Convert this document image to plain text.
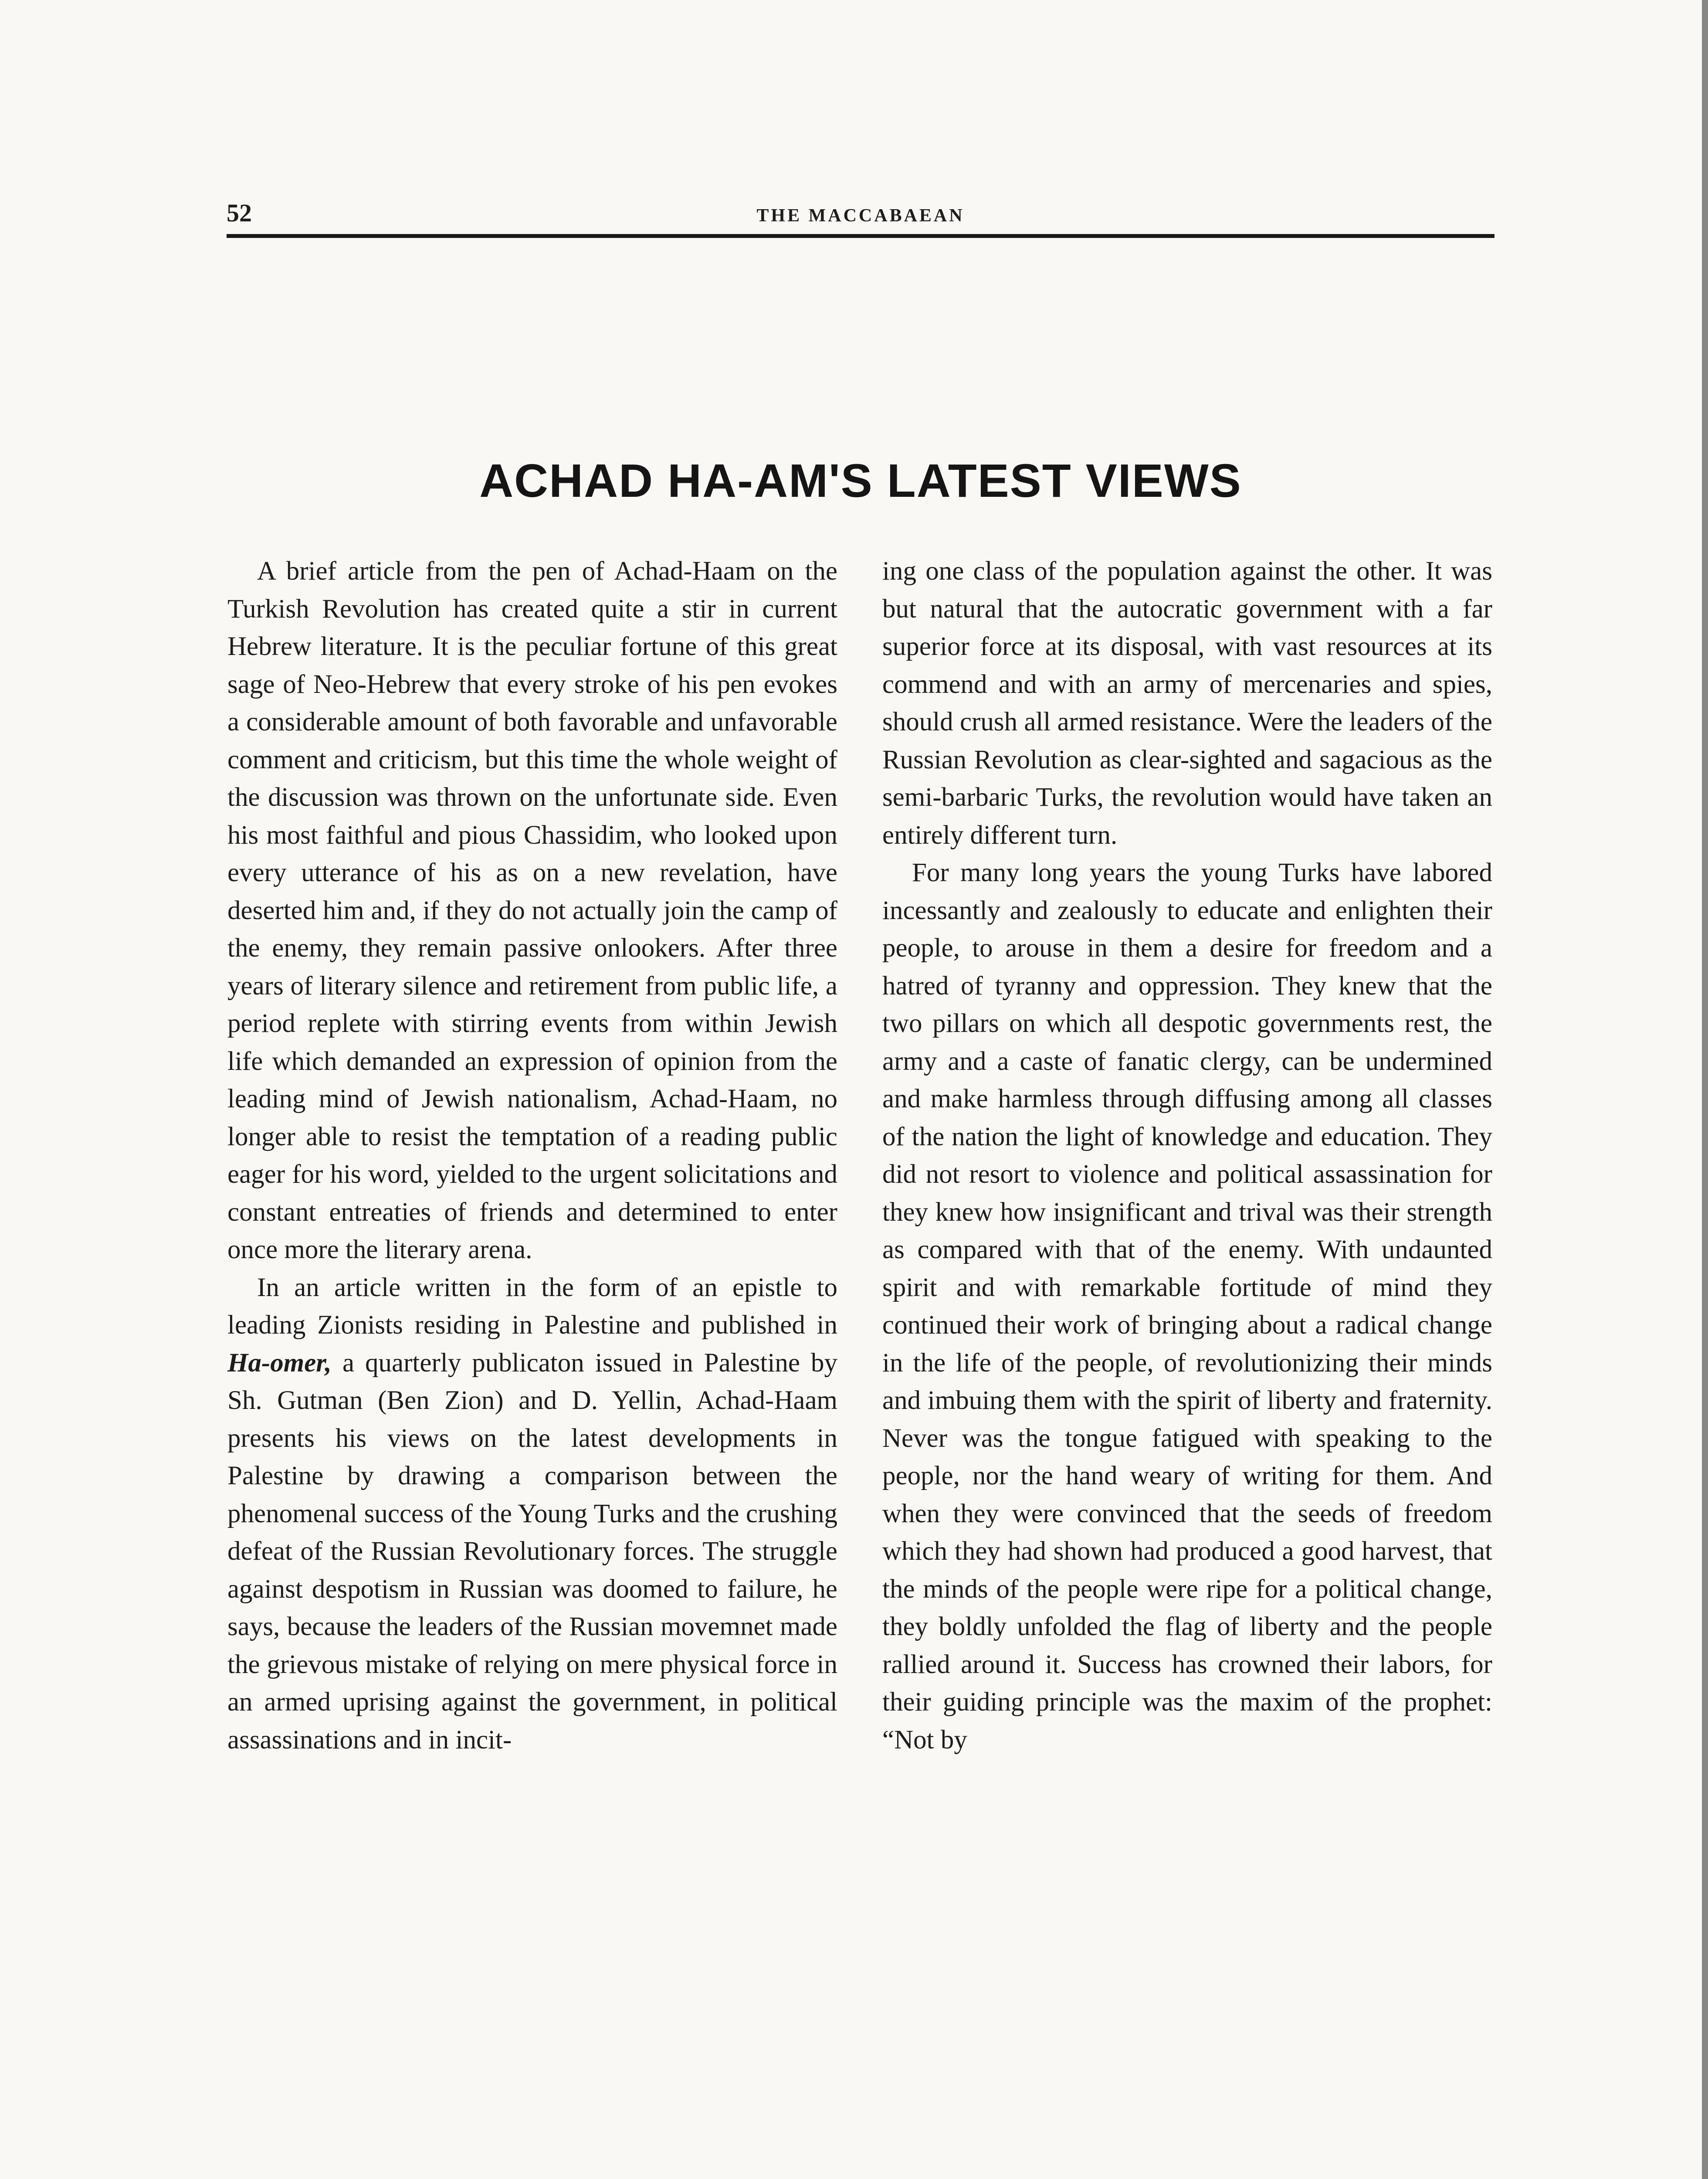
52	THE MACCABAEAN
ACHAD HA-AM'S LATEST VIEWS

A brief article from the pen of Achad-Haam on the Turkish Revolution has created quite a stir in current Hebrew literature. It is the peculiar fortune of this great sage of Neo-Hebrew that every stroke of his pen evokes a considerable amount of both favorable and unfavorable comment and criticism, but this time the whole weight of the discussion was thrown on the unfortunate side. Even his most faithful and pious Chassidim, who looked upon every utterance of his as on a new revelation, have deserted him and, if they do not actually join the camp of the enemy, they remain passive onlookers. After three years of literary silence and retirement from public life, a period replete with stirring events from within Jewish life which demanded an expression of opinion from the leading mind of Jewish nationalism, Achad-Haam, no longer able to resist the temptation of a reading public eager for his word, yielded to the urgent solicitations and constant entreaties of friends and determined to enter once more the literary arena.

In an article written in the form of an epistle to leading Zionists residing in Palestine and published in Ha-omer, a quarterly publicaton issued in Palestine by Sh. Gutman (Ben Zion) and D. Yellin, Achad-Haam presents his views on the latest developments in Palestine by drawing a comparison between the phenomenal success of the Young Turks and the crushing defeat of the Russian Revolutionary forces. The struggle against despotism in Russian was doomed to failure, he says, because the leaders of the Russian movemnet made the grievous mistake of relying on mere physical force in an armed uprising against the government, in political assassinations and in incit-

ing one class of the population against the other. It was but natural that the autocratic government with a far superior force at its disposal, with vast resources at its commend and with an army of mercenaries and spies, should crush all armed resistance. Were the leaders of the Russian Revolution as clear-sighted and sagacious as the semi-barbaric Turks, the revolution would have taken an entirely different turn.

For many long years the young Turks have labored incessantly and zealously to educate and enlighten their people, to arouse in them a desire for freedom and a hatred of tyranny and oppression. They knew that the two pillars on which all despotic governments rest, the army and a caste of fanatic clergy, can be undermined and make harmless through diffusing among all classes of the nation the light of knowledge and education. They did not resort to violence and political assassination for they knew how insignificant and trival was their strength as compared with that of the enemy. With undaunted spirit and with remarkable fortitude of mind they continued their work of bringing about a radical change in the life of the people, of revolutionizing their minds and imbuing them with the spirit of liberty and fraternity. Never was the tongue fatigued with speaking to the people, nor the hand weary of writing for them. And when they were convinced that the seeds of freedom which they had shown had produced a good harvest, that the minds of the people were ripe for a political change, they boldly unfolded the flag of liberty and the people rallied around it. Success has crowned their labors, for their guiding principle was the maxim of the prophet: “Not by
